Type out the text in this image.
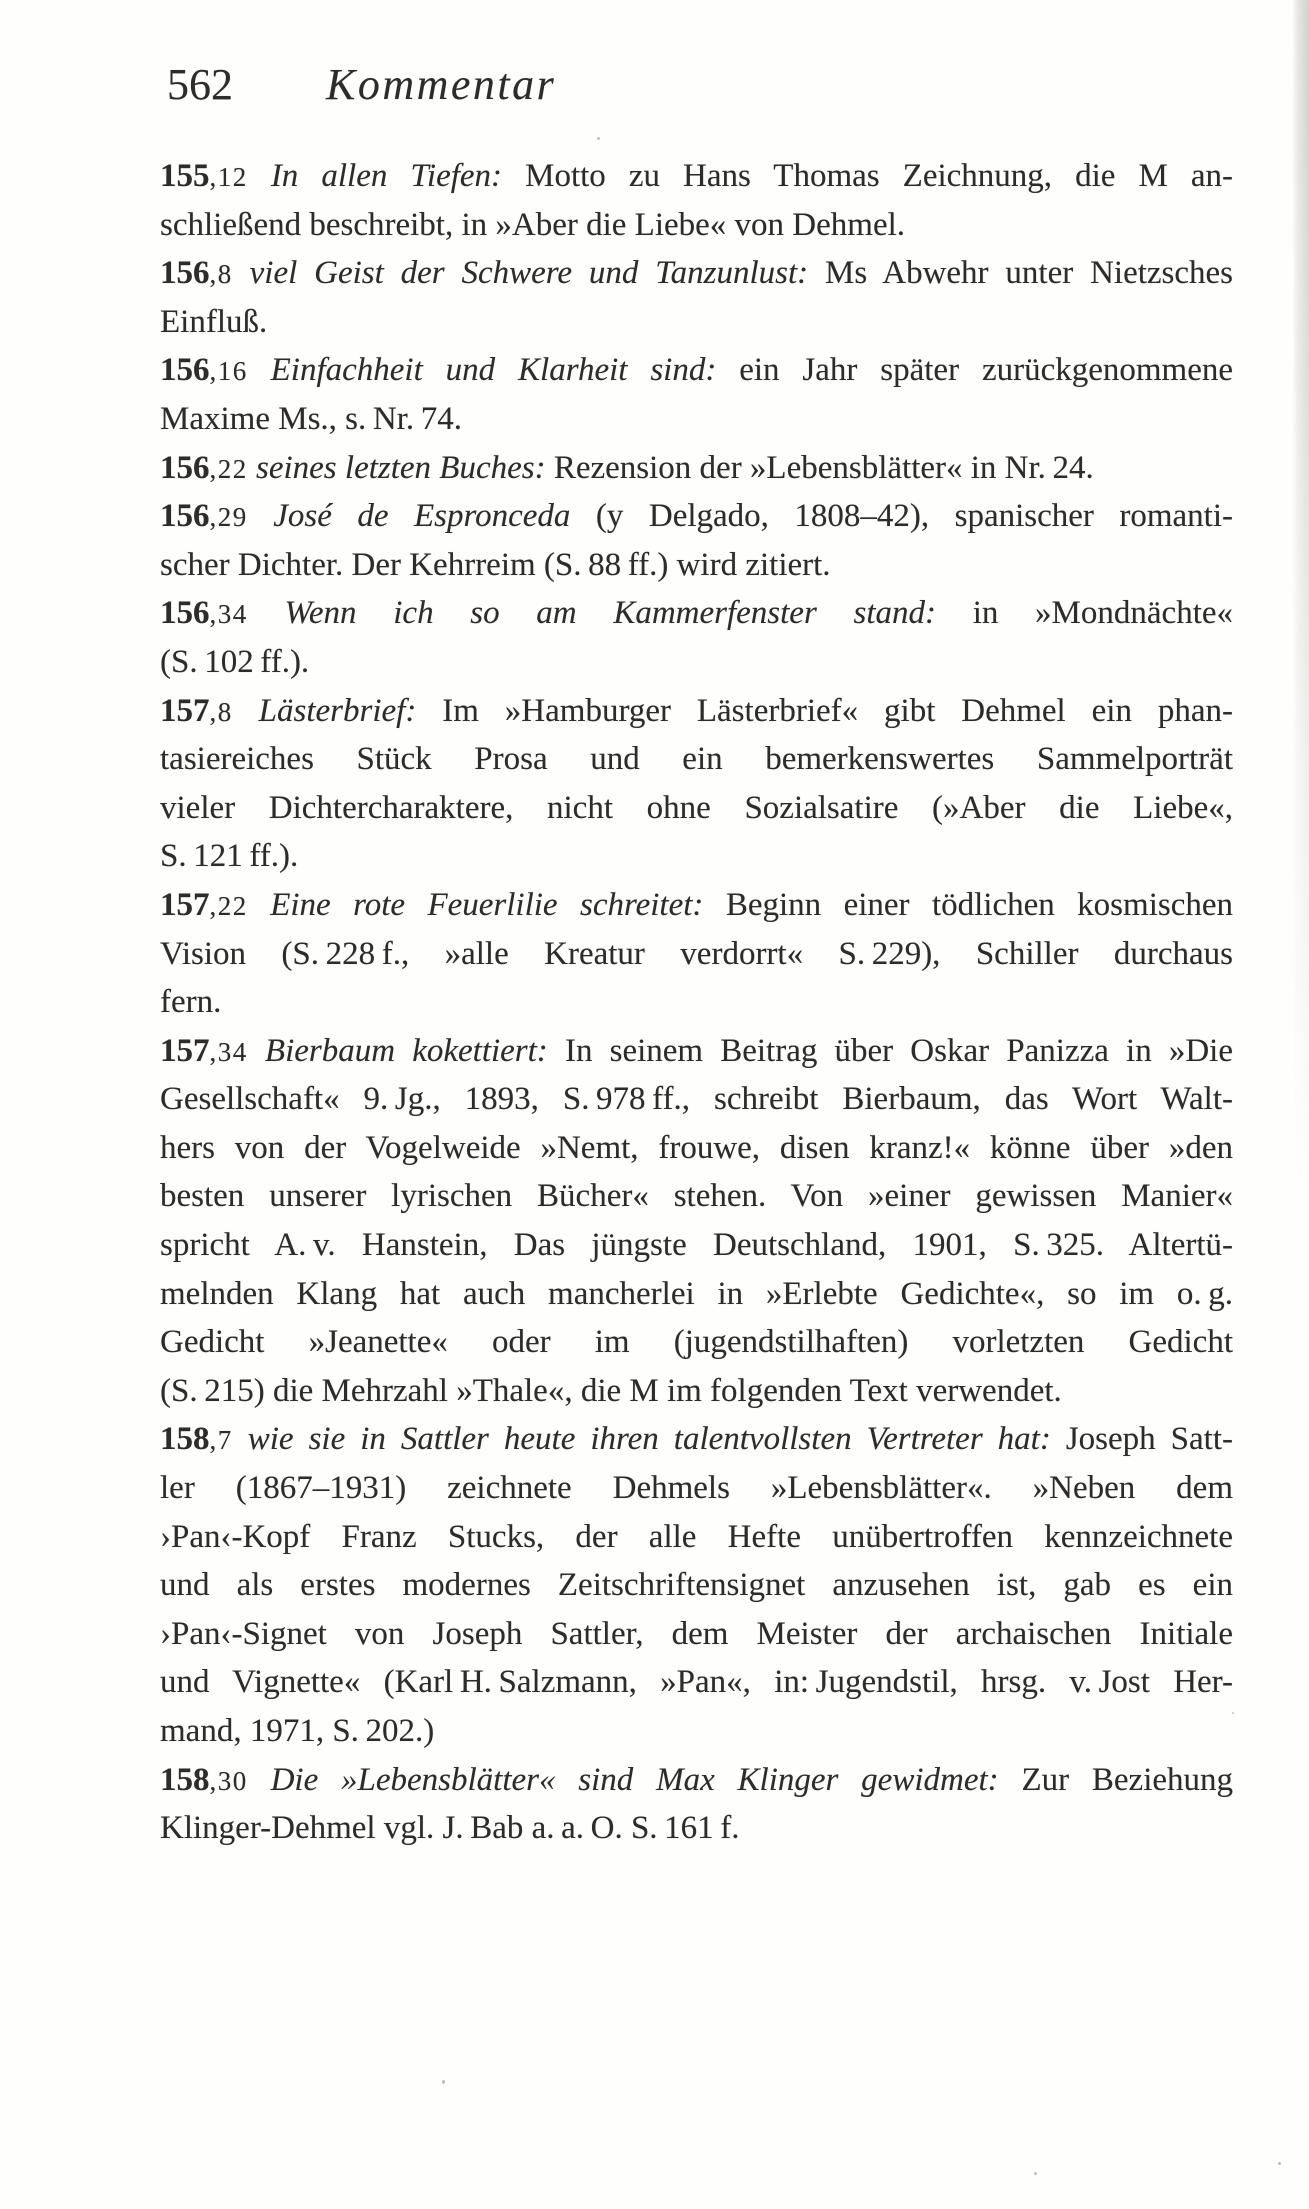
562 Kommentar
155,12 In allen Tiefen: Motto zu Hans Thomas Zeichnung, die M an-
schließend beschreibt, in »Aber die Liebe« von Dehmel.
156,8 viel Geist der Schwere und Tanzunlust: Ms Abwehr unter Nietzsches
Einfluß.
156,16 Einfachheit und Klarheit sind: ein Jahr später zurückgenommene
Maxime Ms., s. Nr. 74.
156,22 seines letzten Buches: Rezension der »Lebensblätter« in Nr. 24.
156,29 José de Espronceda (y Delgado, 1808–42), spanischer romanti-
scher Dichter. Der Kehrreim (S. 88 ff.) wird zitiert.
156,34 Wenn ich so am Kammerfenster stand: in »Mondnächte«
(S. 102 ff.).
157,8 Lästerbrief: Im »Hamburger Lästerbrief« gibt Dehmel ein phan-
tasiereiches Stück Prosa und ein bemerkenswertes Sammelporträt
vieler Dichtercharaktere, nicht ohne Sozialsatire (»Aber die Liebe«,
S. 121 ff.).
157,22 Eine rote Feuerlilie schreitet: Beginn einer tödlichen kosmischen
Vision (S. 228 f., »alle Kreatur verdorrt« S. 229), Schiller durchaus
fern.
157,34 Bierbaum kokettiert: In seinem Beitrag über Oskar Panizza in »Die
Gesellschaft« 9. Jg., 1893, S. 978 ff., schreibt Bierbaum, das Wort Walt-
hers von der Vogelweide »Nemt, frouwe, disen kranz!« könne über »den
besten unserer lyrischen Bücher« stehen. Von »einer gewissen Manier«
spricht A. v. Hanstein, Das jüngste Deutschland, 1901, S. 325. Altertü-
melnden Klang hat auch mancherlei in »Erlebte Gedichte«, so im o. g.
Gedicht »Jeanette« oder im (jugendstilhaften) vorletzten Gedicht
(S. 215) die Mehrzahl »Thale«, die M im folgenden Text verwendet.
158,7 wie sie in Sattler heute ihren talentvollsten Vertreter hat: Joseph Satt-
ler (1867–1931) zeichnete Dehmels »Lebensblätter«. »Neben dem
›Pan‹-Kopf Franz Stucks, der alle Hefte unübertroffen kennzeichnete
und als erstes modernes Zeitschriftensignet anzusehen ist, gab es ein
›Pan‹-Signet von Joseph Sattler, dem Meister der archaischen Initiale
und Vignette« (Karl H. Salzmann, »Pan«, in: Jugendstil, hrsg. v. Jost Her-
mand, 1971, S. 202.)
158,30 Die »Lebensblätter« sind Max Klinger gewidmet: Zur Beziehung
Klinger-Dehmel vgl. J. Bab a. a. O. S. 161 f.
